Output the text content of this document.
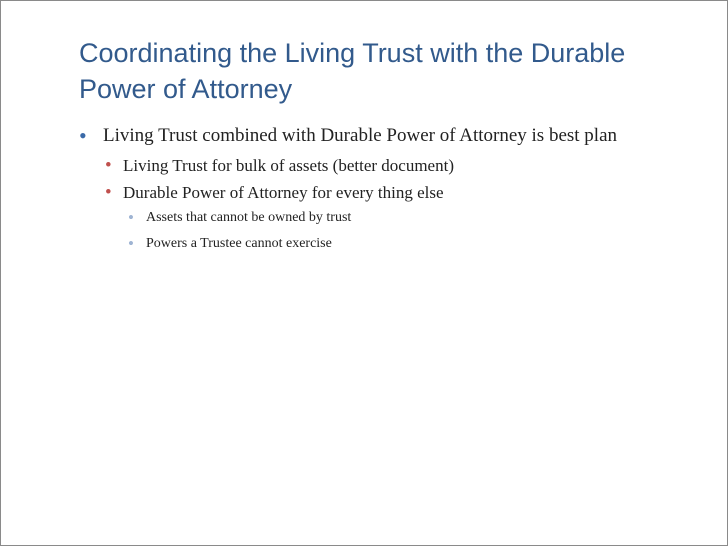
Coordinating the Living Trust with the Durable Power of Attorney
• Living Trust combined with Durable Power of Attorney is best plan
• Living Trust for bulk of assets (better document)
• Durable Power of Attorney for every thing else
• Assets that cannot be owned by trust
• Powers a Trustee cannot exercise
